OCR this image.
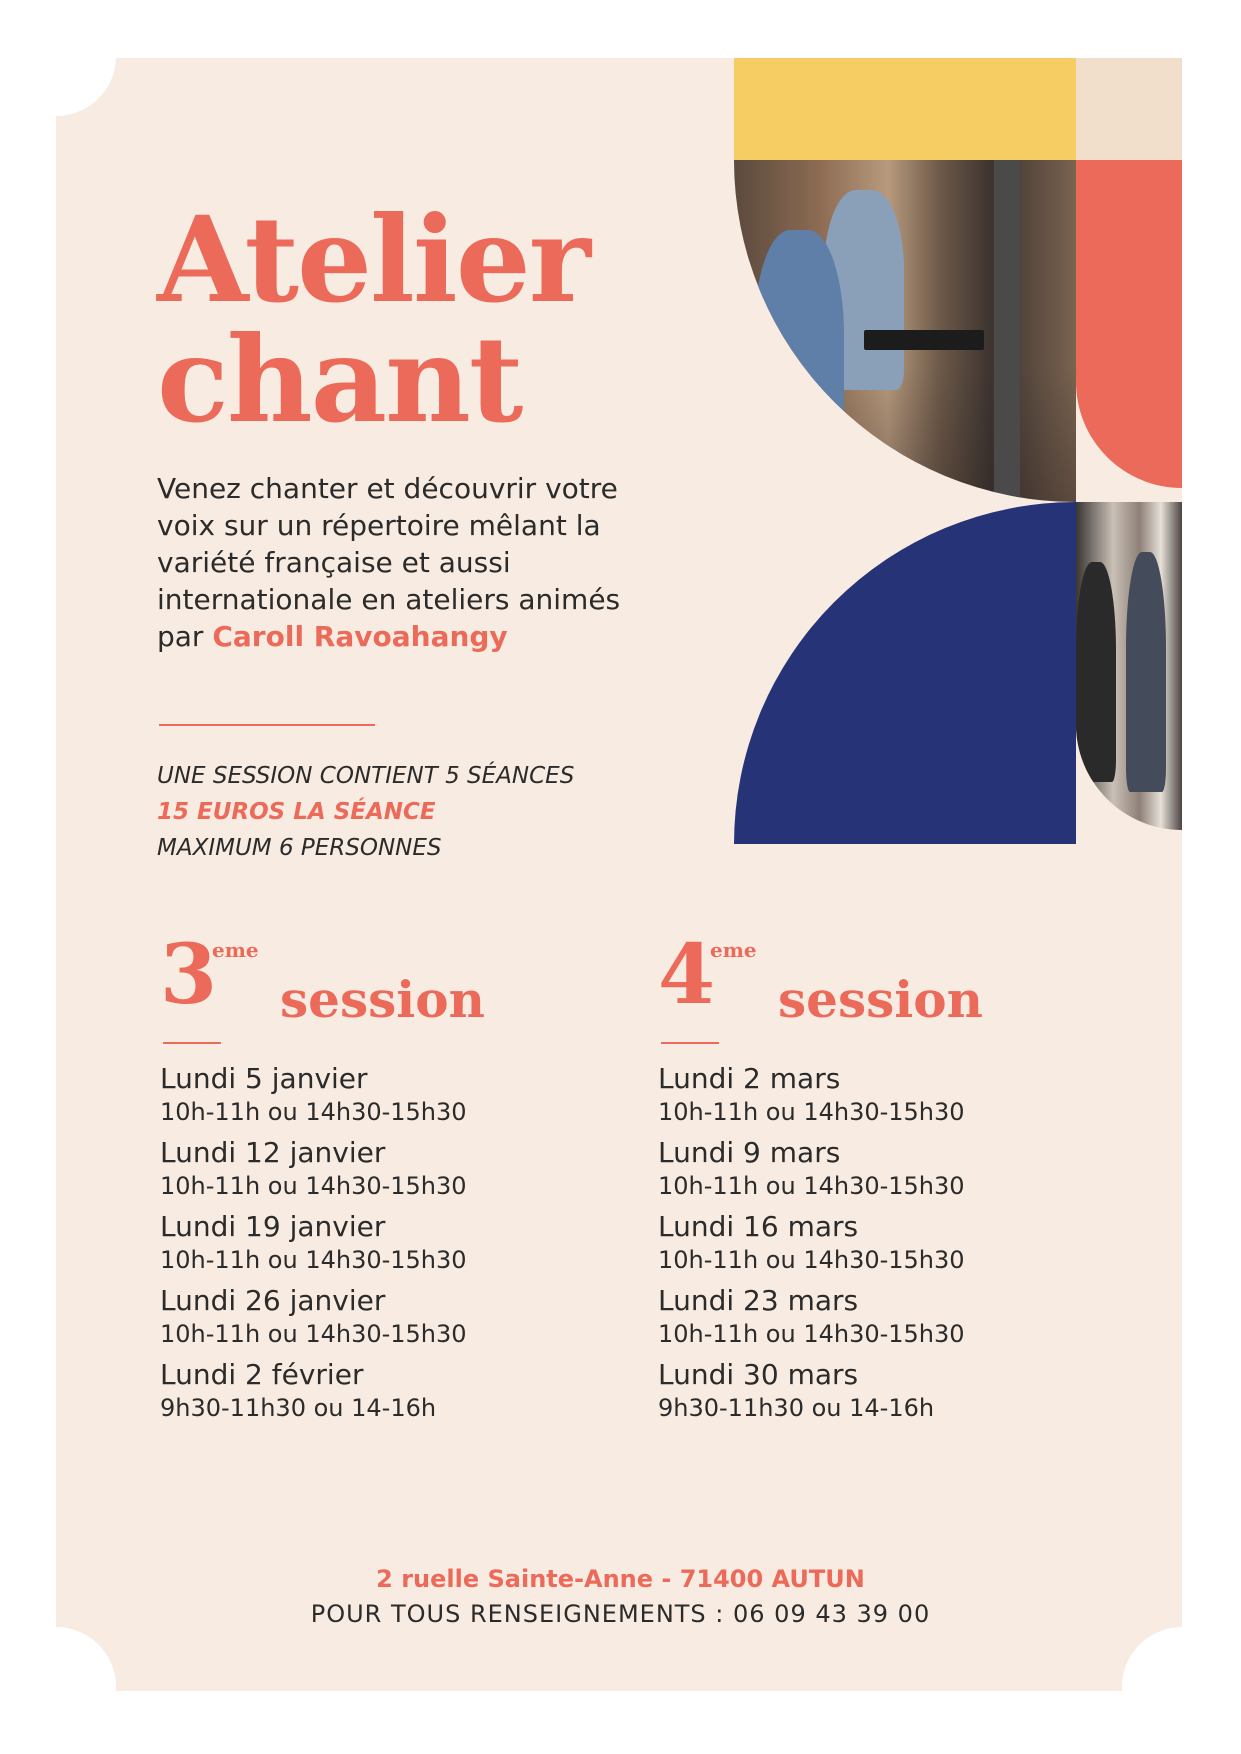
Atelier
chant

Venez chanter et découvrir votre voix sur un répertoire mêlant la variété française et aussi internationale en ateliers animés par Caroll Ravoahangy

UNE SESSION CONTIENT 5 SÉANCES
15 EUROS LA SÉANCE
MAXIMUM 6 PERSONNES
3
eme
session

Lundi 5 janvier

10h-11h ou 14h30-15h30

Lundi 12 janvier

10h-11h ou 14h30-15h30

Lundi 19 janvier

10h-11h ou 14h30-15h30

Lundi 26 janvier

10h-11h ou 14h30-15h30

Lundi 2 février

9h30-11h30 ou 14-16h

4
eme
session

Lundi 2 mars

10h-11h ou 14h30-15h30

Lundi 9 mars

10h-11h ou 14h30-15h30

Lundi 16 mars

10h-11h ou 14h30-15h30

Lundi 23 mars

10h-11h ou 14h30-15h30

Lundi 30 mars

9h30-11h30 ou 14-16h

2 ruelle Sainte-Anne - 71400 AUTUN
POUR TOUS RENSEIGNEMENTS : 06 09 43 39 00
